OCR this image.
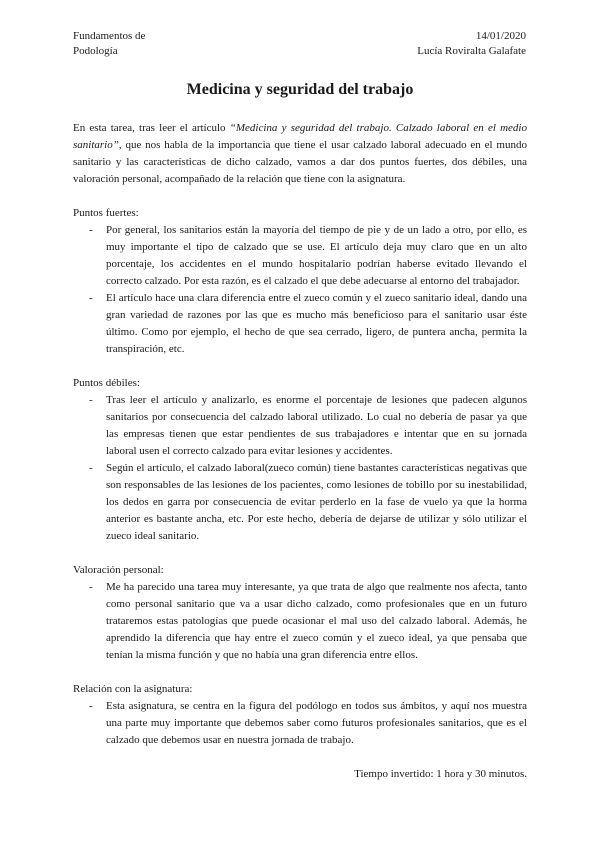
Fundamentos de
Podología
14/01/2020
Lucía Roviralta Galafate
Medicina y seguridad del trabajo

En esta tarea, tras leer el artículo “Medicina y seguridad del trabajo. Calzado laboral en el medio sanitario”, que nos habla de la importancia que tiene el usar calzado laboral adecuado en el mundo sanitario y las características de dicho calzado, vamos a dar dos puntos fuertes, dos débiles, una valoración personal, acompañado de la relación que tiene con la asignatura.

Puntos fuertes:

- Por general, los sanitarios están la mayoría del tiempo de pie y de un lado a otro, por ello, es muy importante el tipo de calzado que se use. El artículo deja muy claro que en un alto porcentaje, los accidentes en el mundo hospitalario podrían haberse evitado llevando el correcto calzado. Por esta razón, es el calzado el que debe adecuarse al entorno del trabajador.
- El artículo hace una clara diferencia entre el zueco común y el zueco sanitario ideal, dando una gran variedad de razones por las que es mucho más beneficioso para el sanitario usar éste último. Como por ejemplo, el hecho de que sea cerrado, ligero, de puntera ancha, permita la transpiración, etc.

Puntos débiles:

- Tras leer el artículo y analizarlo, es enorme el porcentaje de lesiones que padecen algunos sanitarios por consecuencia del calzado laboral utilizado. Lo cual no debería de pasar ya que las empresas tienen que estar pendientes de sus trabajadores e intentar que en su jornada laboral usen el correcto calzado para evitar lesiones y accidentes.
- Según el artículo, el calzado laboral(zueco común) tiene bastantes características negativas que son responsables de las lesiones de los pacientes, como lesiones de tobillo por su inestabilidad, los dedos en garra por consecuencia de evitar perderlo en la fase de vuelo ya que la horma anterior es bastante ancha, etc. Por este hecho, debería de dejarse de utilizar y sólo utilizar el zueco ideal sanitario.

Valoración personal:

- Me ha parecido una tarea muy interesante, ya que trata de algo que realmente nos afecta, tanto como personal sanitario que va a usar dicho calzado, como profesionales que en un futuro trataremos estas patologías que puede ocasionar el mal uso del calzado laboral. Además, he aprendido la diferencia que hay entre el zueco común y el zueco ideal, ya que pensaba que tenían la misma función y que no había una gran diferencia entre ellos.

Relación con la asignatura:

- Esta asignatura, se centra en la figura del podólogo en todos sus ámbitos, y aquí nos muestra una parte muy importante que debemos saber como futuros profesionales sanitarios, que es el calzado que debemos usar en nuestra jornada de trabajo.

Tiempo invertido: 1 hora y 30 minutos.
